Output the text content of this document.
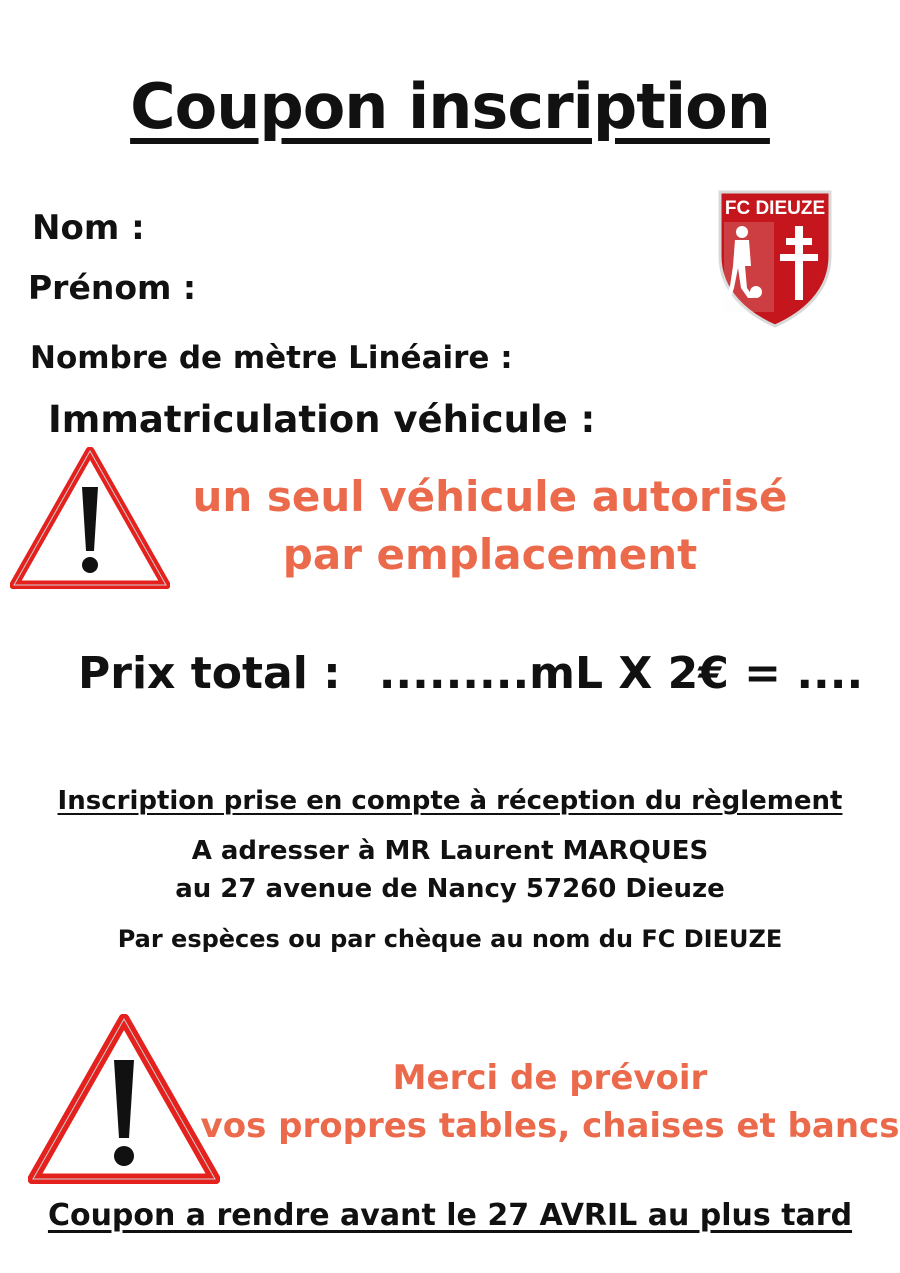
Coupon inscription
Nom :
Prénom :
Nombre de mètre Linéaire :
Immatriculation véhicule :
FC DIEUZE
un seul véhicule autorisé par emplacement
Prix total : .........mL X 2€ = ....
Inscription prise en compte à réception du règlement
A adresser à MR Laurent MARQUES
au 27 avenue de Nancy 57260 Dieuze
Par espèces ou par chèque au nom du FC DIEUZE
Merci de prévoir
vos propres tables, chaises et bancs
Coupon a rendre avant le 27 AVRIL au plus tard
